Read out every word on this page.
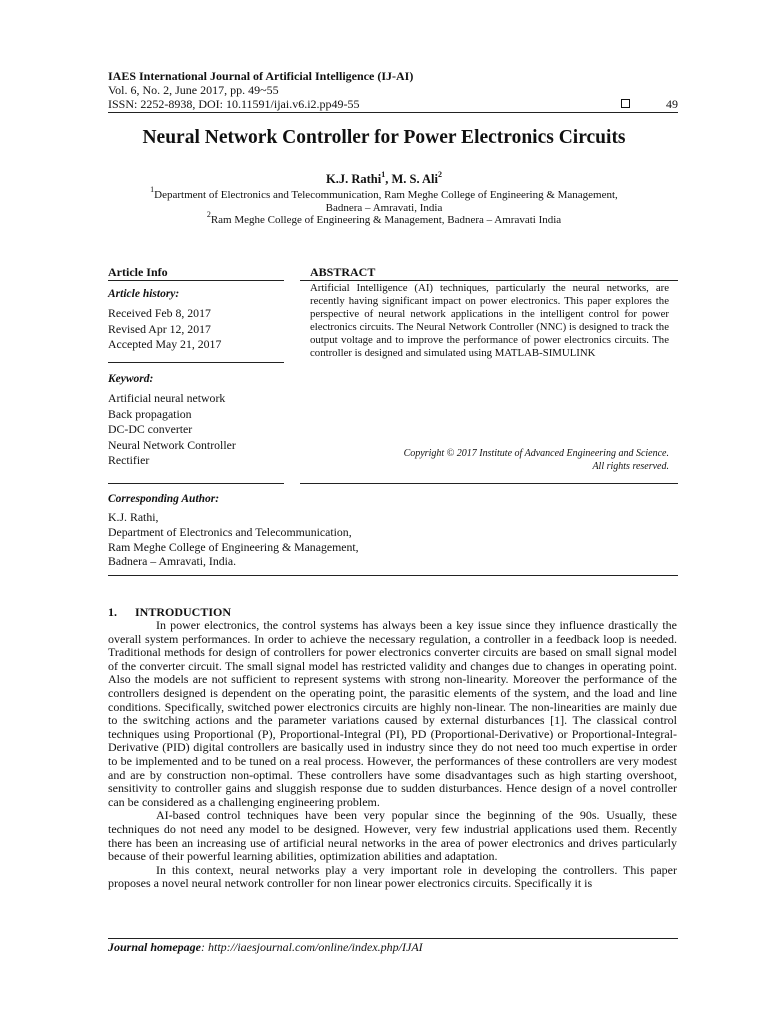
IAES International Journal of Artificial Intelligence (IJ-AI)
Vol. 6, No. 2, June 2017, pp. 49~55
ISSN: 2252-8938, DOI: 10.11591/ijai.v6.i2.pp49-55	49
Neural Network Controller for Power Electronics Circuits
K.J. Rathi$^1$, M. S. Ali$^2$
$^1$Department of Electronics and Telecommunication, Ram Meghe College of Engineering & Management,
Badnera – Amravati, India
$^2$Ram Meghe College of Engineering & Management, Badnera – Amravati India
Article Info	ABSTRACT
Article history:
Received Feb 8, 2017
Revised Apr 12, 2017
Accepted May 21, 2017
Keyword:
Artificial neural network
Back propagation
DC-DC converter
Neural Network Controller
Rectifier
Artificial Intelligence (AI) techniques, particularly the neural networks, are recently having significant impact on power electronics. This paper explores the perspective of neural network applications in the intelligent control for power electronics circuits. The Neural Network Controller (NNC) is designed to track the output voltage and to improve the performance of power electronics circuits. The controller is designed and simulated using MATLAB-SIMULINK
Copyright © 2017 Institute of Advanced Engineering and Science.
All rights reserved.
Corresponding Author:
K.J. Rathi,
Department of Electronics and Telecommunication,
Ram Meghe College of Engineering & Management,
Badnera – Amravati, India.
1. INTRODUCTION

In power electronics, the control systems has always been a key issue since they influence drastically the overall system performances. In order to achieve the necessary regulation, a controller in a feedback loop is needed. Traditional methods for design of controllers for power electronics converter circuits are based on small signal model of the converter circuit. The small signal model has restricted validity and changes due to changes in operating point. Also the models are not sufficient to represent systems with strong non-linearity. Moreover the performance of the controllers designed is dependent on the operating point, the parasitic elements of the system, and the load and line conditions. Specifically, switched power electronics circuits are highly non-linear. The non-linearities are mainly due to the switching actions and the parameter variations caused by external disturbances [1]. The classical control techniques using Proportional (P), Proportional-Integral (PI), PD (Proportional-Derivative) or Proportional-Integral-Derivative (PID) digital controllers are basically used in industry since they do not need too much expertise in order to be implemented and to be tuned on a real process. However, the performances of these controllers are very modest and are by construction non-optimal. These controllers have some disadvantages such as high starting overshoot, sensitivity to controller gains and sluggish response due to sudden disturbances. Hence design of a novel controller can be considered as a challenging engineering problem.

AI-based control techniques have been very popular since the beginning of the 90s. Usually, these techniques do not need any model to be designed. However, very few industrial applications used them. Recently there has been an increasing use of artificial neural networks in the area of power electronics and drives particularly because of their powerful learning abilities, optimization abilities and adaptation.

In this context, neural networks play a very important role in developing the controllers. This paper proposes a novel neural network controller for non linear power electronics circuits. Specifically it is

Journal homepage: http://iaesjournal.com/online/index.php/IJAI
